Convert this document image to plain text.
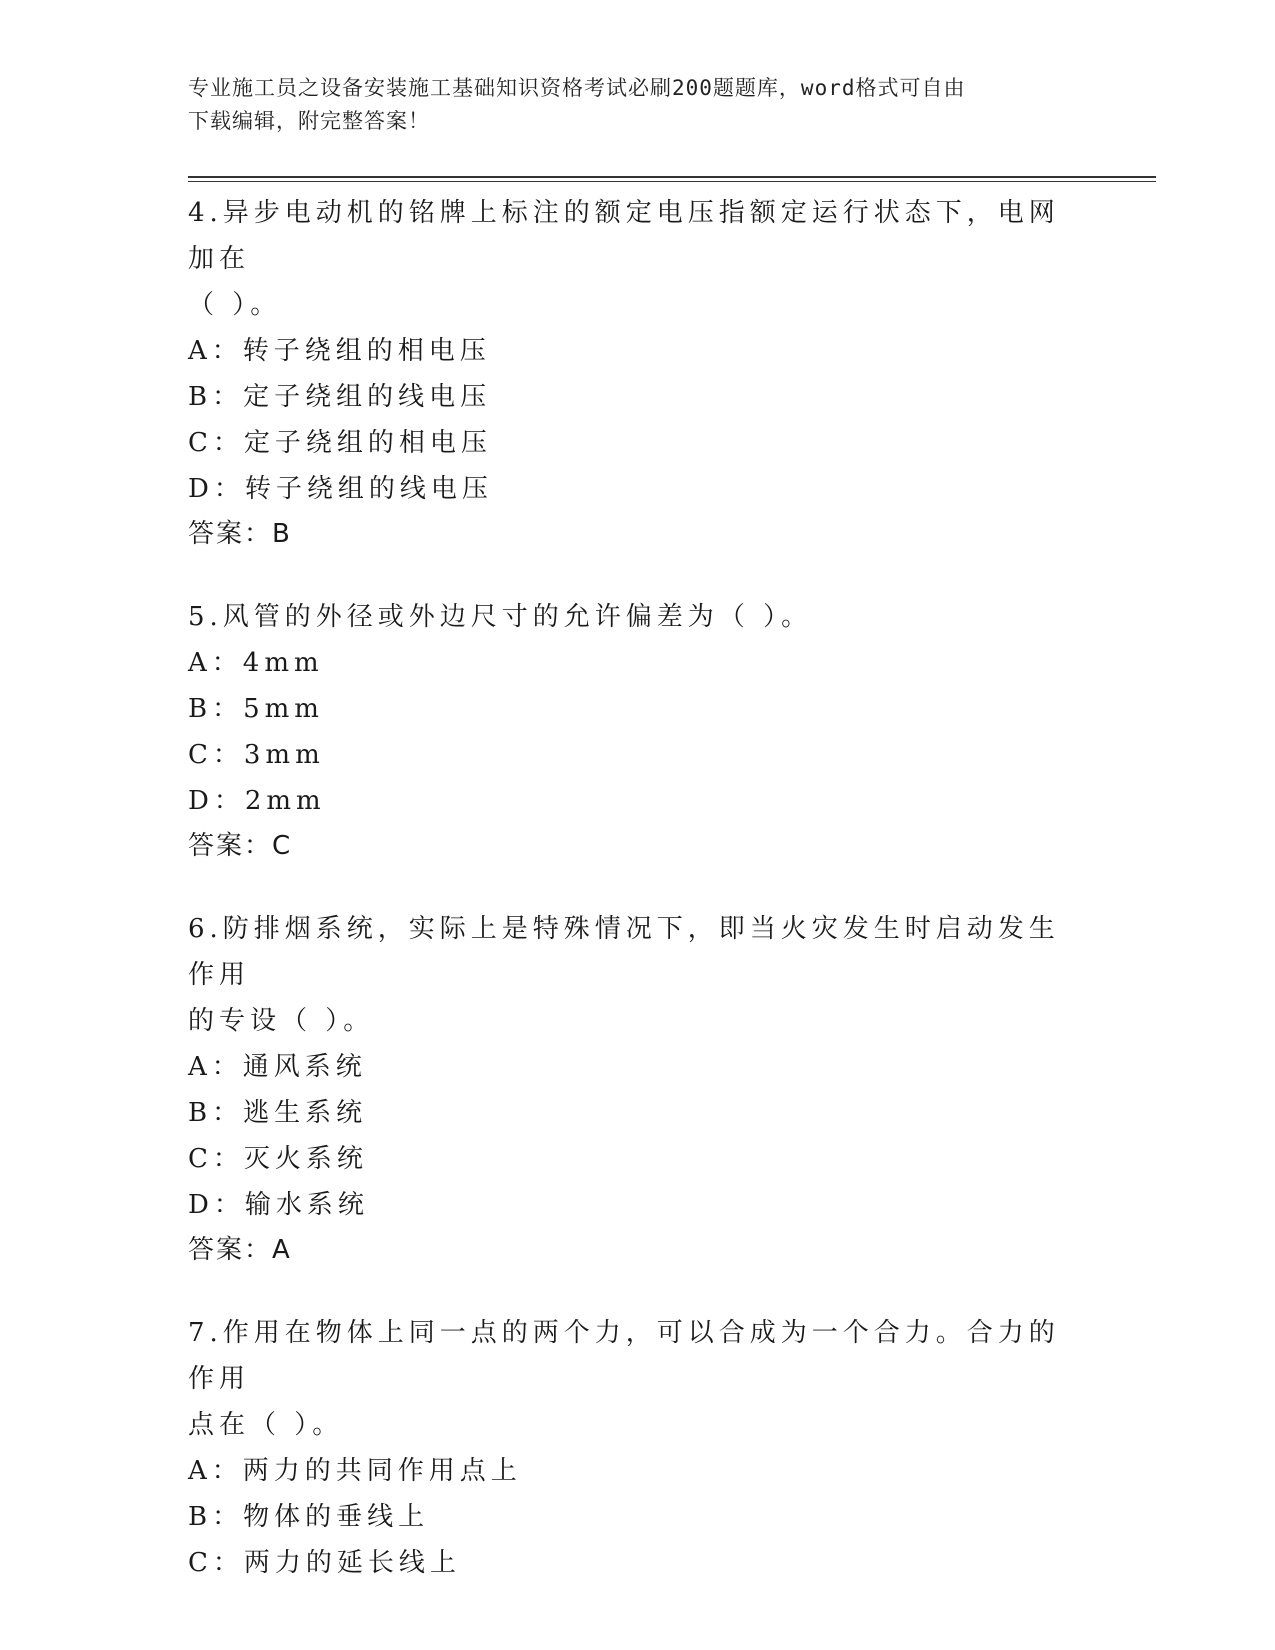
专业施工员之设备安装施工基础知识资格考试必刷200题题库，word格式可自由
下载编辑，附完整答案！

4.异步电动机的铭牌上标注的额定电压指额定运行状态下，电网加在

（ ）。

A：转子绕组的相电压

B：定子绕组的线电压

C：定子绕组的相电压

D：转子绕组的线电压

答案：B

5.风管的外径或外边尺寸的允许偏差为（ ）。

A：4mm

B：5mm

C：3mm

D：2mm

答案：C

6.防排烟系统，实际上是特殊情况下，即当火灾发生时启动发生作用

的专设（ ）。

A：通风系统

B：逃生系统

C：灭火系统

D：输水系统

答案：A

7.作用在物体上同一点的两个力，可以合成为一个合力。合力的作用

点在（ ）。

A：两力的共同作用点上

B：物体的垂线上

C：两力的延长线上
